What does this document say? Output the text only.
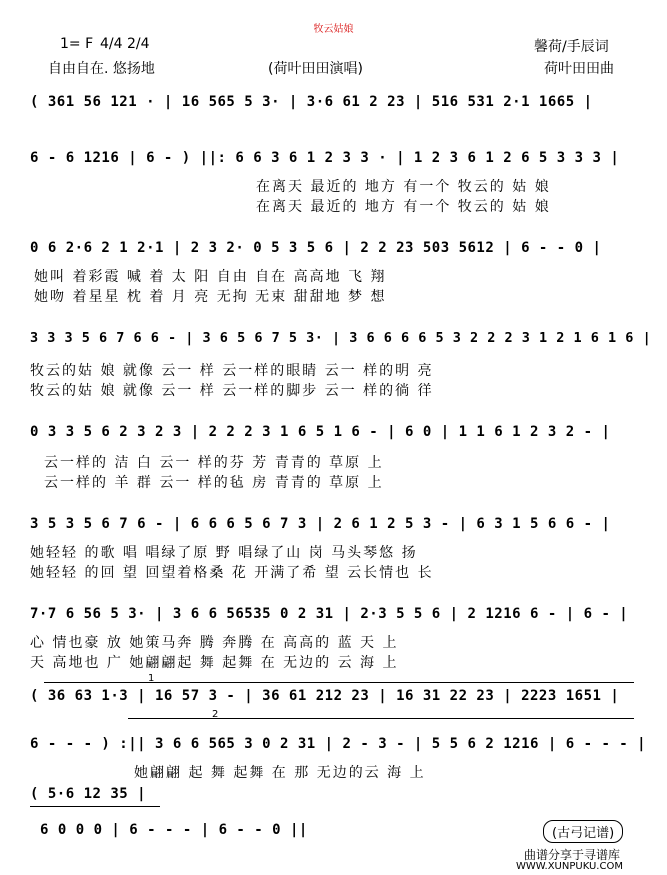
牧云姑娘
1= F 4/4 2/4
自由自在. 悠扬地	(荷叶田田演唱)
馨荷/手辰词
荷叶田田曲
( 361 56 121 · | 16 565 5 3· | 3·6 61 2 23 | 516 531 2·1 1665 |
6 - 6 1216 | 6 - ) ||: 6 6 3 6 1 2 3 3 · | 1 2 3 6 1 2 6 5 3 3 3 |
在离天 最近的 地方 有一个 牧云的 姑 娘
在离天 最近的 地方 有一个 牧云的 姑 娘
0 6 2·6 2 1 2·1 | 2 3 2· 0 5 3 5 6 | 2 2 23 503 5612 | 6 - - 0 |
她叫 着彩霞 喊 着 太 阳 自由 自在 高高地 飞 翔
她吻 着星星 枕 着 月 亮 无拘 无束 甜甜地 梦 想
3 3 3 5 6 7 6 6 - | 3 6 5 6 7 5 3· | 3 6 6 6 6 5 3 2 2 2 3 1 2 1 6 1 6 |
牧云的姑 娘 就像 云一 样 云一样的眼睛 云一 样的明 亮
牧云的姑 娘 就像 云一 样 云一样的脚步 云一 样的徜 徉
0 3 3 5 6 2 3 2 3 | 2 2 2 3 1 6 5 1 6 - | 6 0 | 1 1 6 1 2 3 2 - |
云一样的 洁 白 云一 样的芬 芳 青青的 草原 上
云一样的 羊 群 云一 样的毡 房 青青的 草原 上
3 5 3 5 6 7 6 - | 6 6 6 5 6 7 3 | 2 6 1 2 5 3 - | 6 3 1 5 6 6 - |
她轻轻 的歌 唱 唱绿了原 野 唱绿了山 岗 马头琴悠 扬
她轻轻 的回 望 回望着格桑 花 开满了希 望 云长情也 长
7·7 6 56 5 3· | 3 6 6 56535 0 2 31 | 2·3 5 5 6 | 2 1216 6 - | 6 - |
心 情也豪 放 她策马奔 腾 奔腾 在 高高的 蓝 天 上
天 高地也 广 她翩翩起 舞 起舞 在 无边的 云 海 上
1
( 36 63 1·3 | 16 57 3 - | 36 61 212 23 | 16 31 22 23 | 2223 1651 |
2
6 - - - ) :|| 3 6 6 565 3 0 2 31 | 2 - 3 - | 5 5 6 2 1216 | 6 - - - |
她翩翩 起 舞 起舞 在 那 无边的云 海 上
( 5·6 12 35 |
6 0 0 0 | 6 - - - | 6 - - 0 ||	(古弓记谱)
曲谱分享于寻谱库
WWW.XUNPUKU.COM
